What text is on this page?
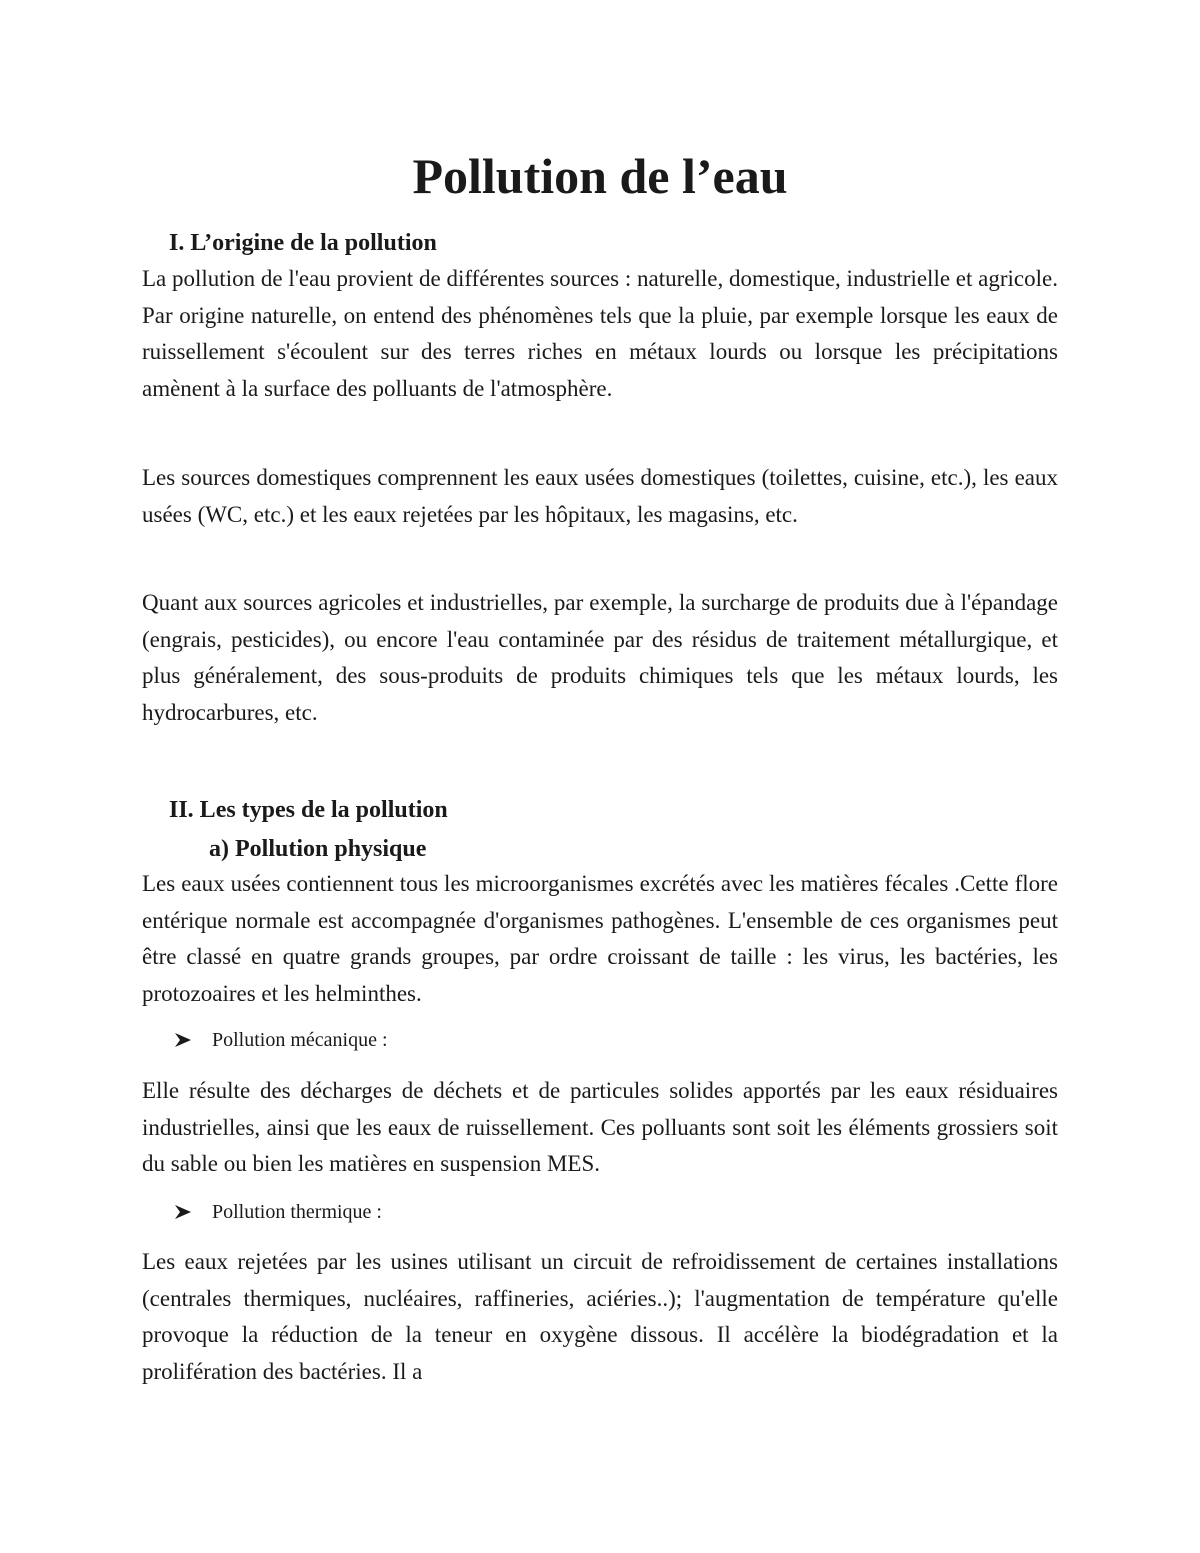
Pollution de l’eau
I. L’origine de la pollution

La pollution de l'eau provient de différentes sources : naturelle, domestique, industrielle et agricole. Par origine naturelle, on entend des phénomènes tels que la pluie, par exemple lorsque les eaux de ruissellement s'écoulent sur des terres riches en métaux lourds ou lorsque les précipitations amènent à la surface des polluants de l'atmosphère.

Les sources domestiques comprennent les eaux usées domestiques (toilettes, cuisine, etc.), les eaux usées (WC, etc.) et les eaux rejetées par les hôpitaux, les magasins, etc.

Quant aux sources agricoles et industrielles, par exemple, la surcharge de produits due à l'épandage (engrais, pesticides), ou encore l'eau contaminée par des résidus de traitement métallurgique, et plus généralement, des sous-produits de produits chimiques tels que les métaux lourds, les hydrocarbures, etc.

II. Les types de la pollution
a) Pollution physique

Les eaux usées contiennent tous les microorganismes excrétés avec les matières fécales .Cette flore entérique normale est accompagnée d'organismes pathogènes. L'ensemble de ces organismes peut être classé en quatre grands groupes, par ordre croissant de taille : les virus, les bactéries, les protozoaires et les helminthes.

Pollution mécanique :

Elle résulte des décharges de déchets et de particules solides apportés par les eaux résiduaires industrielles, ainsi que les eaux de ruissellement. Ces polluants sont soit les éléments grossiers soit du sable ou bien les matières en suspension MES.

Pollution thermique :

Les eaux rejetées par les usines utilisant un circuit de refroidissement de certaines installations (centrales thermiques, nucléaires, raffineries, aciéries..); l'augmentation de température qu'elle provoque la réduction de la teneur en oxygène dissous. Il accélère la biodégradation et la prolifération des bactéries. Il a
